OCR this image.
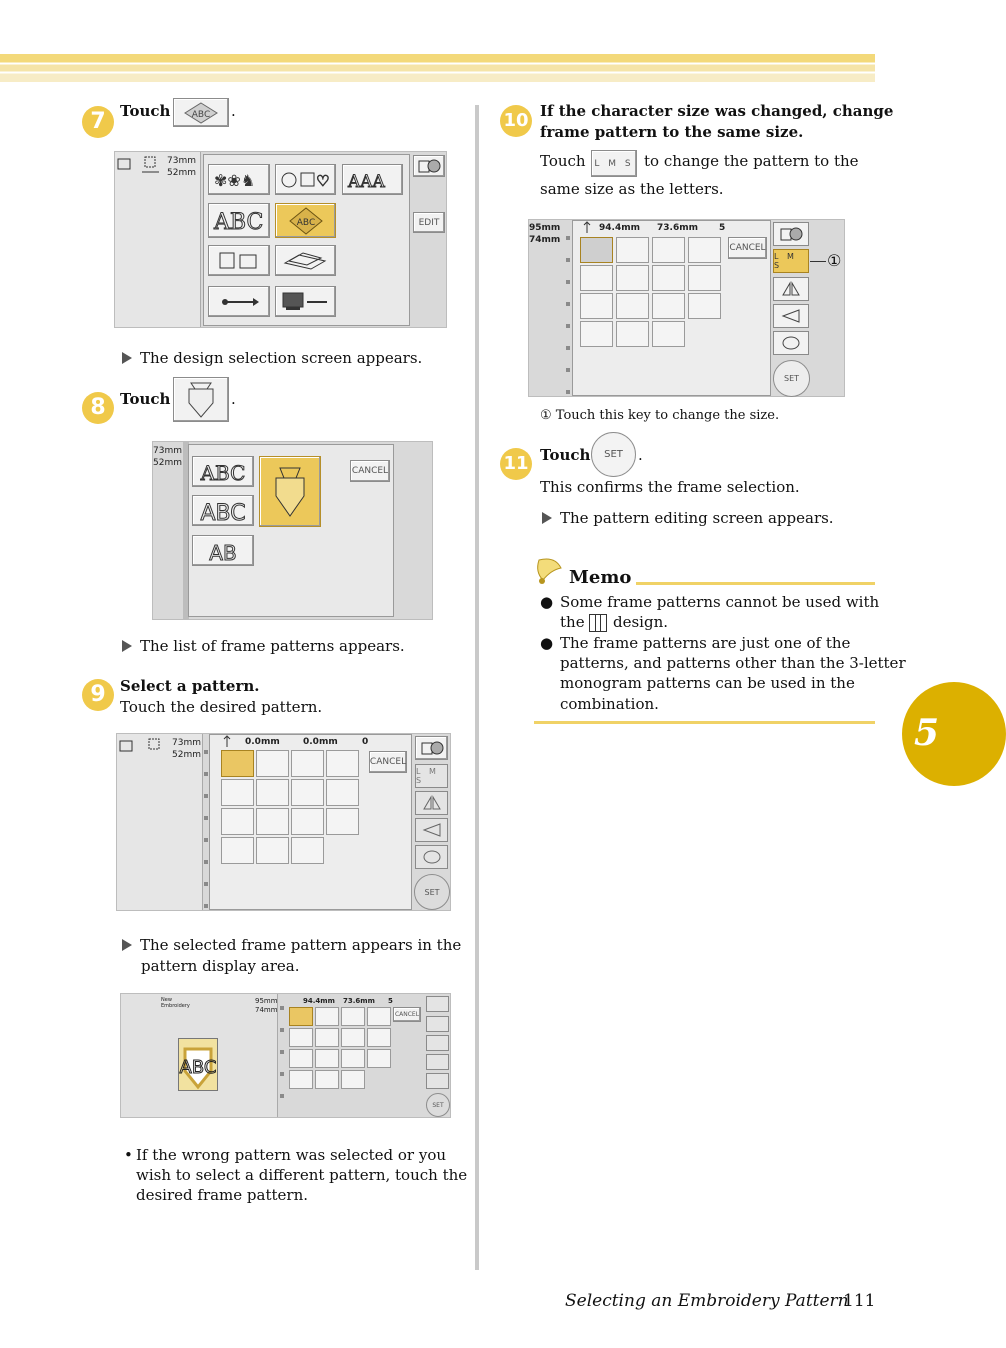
7 Touch ABC .
73mm
52mm ✾❀♞	♡ AAA
ABC	ABC	EDIT
The design selection screen appears.
8 Touch	.
73mm
52mm ABC
ABC
AB
CANCEL
The list of frame patterns appears.
9 Select a pattern.
Touch the desired pattern.
73mm
52mm
0.0mm	0.0mm	0
CANCEL
L M S
SET
The selected frame pattern appears in the
pattern display area.
New Embroidery
95mm
74mm
ABC
94.4mm 73.6mm 5
CANCEL
SET
• If the wrong pattern was selected or you
wish to select a different pattern, touch the
desired frame pattern.
10 If the character size was changed, change
frame pattern to the same size.
Touch L M S to change the pattern to the
same size as the letters.
95mm
74mm
94.4mm 73.6mm 5
CANCEL
L M S
SET
①
① Touch this key to change the size.
11 Touch	SET	.
This confirms the frame selection.
The pattern editing screen appears.
Memo
● Some frame patterns cannot be used with
the design.
● The frame patterns are just one of the
patterns, and patterns other than the 3-letter
monogram patterns can be used in the
combination.
5
Selecting an Embroidery Pattern
111
